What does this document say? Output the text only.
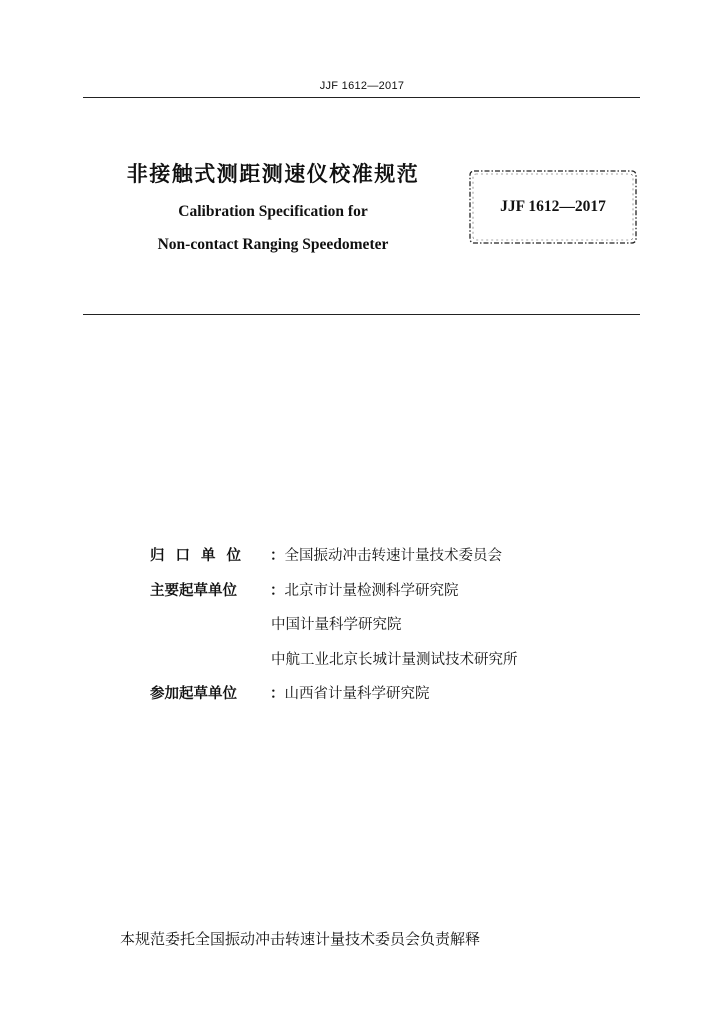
JJF 1612—2017
非接触式测距测速仪校准规范
Calibration Specification for
Non-contact Ranging Speedometer
JJF 1612—2017
归口单位 ：全国振动冲击转速计量技术委员会
主要起草单位 ：北京市计量检测科学研究院
中国计量科学研究院
中航工业北京长城计量测试技术研究所
参加起草单位 ：山西省计量科学研究院
本规范委托全国振动冲击转速计量技术委员会负责解释
